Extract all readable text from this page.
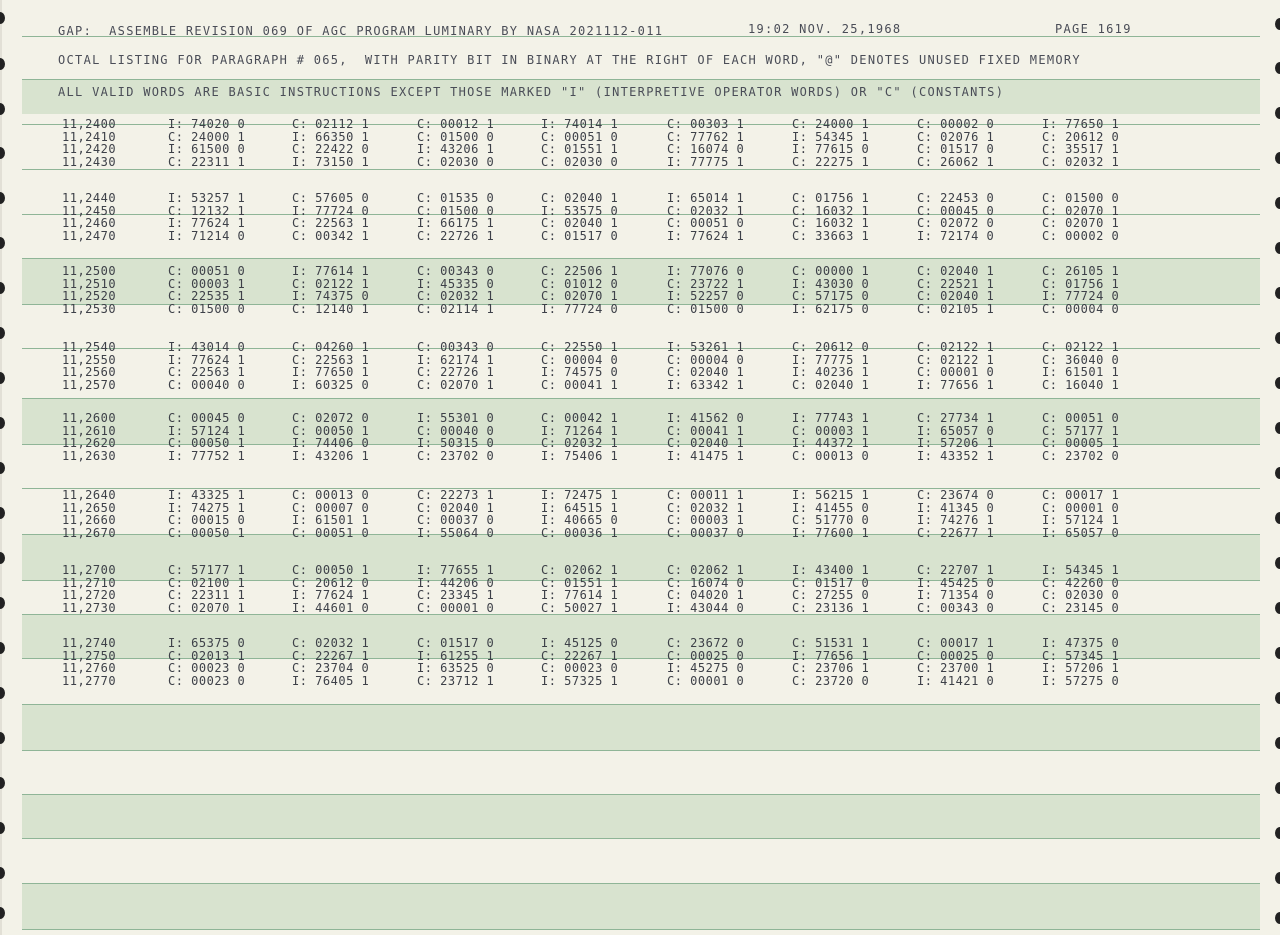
GAP:  ASSEMBLE REVISION 069 OF AGC PROGRAM LUMINARY BY NASA 2021112-011	19:02 NOV. 25,1968	PAGE 1619
OCTAL LISTING FOR PARAGRAPH # 065,  WITH PARITY BIT IN BINARY AT THE RIGHT OF EACH WORD, "@" DENOTES UNUSED FIXED MEMORY
ALL VALID WORDS ARE BASIC INSTRUCTIONS EXCEPT THOSE MARKED "I" (INTERPRETIVE OPERATOR WORDS) OR "C" (CONSTANTS)
11,2400	I: 74020 0	C: 02112 1	C: 00012 1	I: 74014 1	C: 00303 1	C: 24000 1	C: 00002 0	I: 77650 1
11,2410	C: 24000 1	I: 66350 1	C: 01500 0	C: 00051 0	C: 77762 1	I: 54345 1	C: 02076 1	C: 20612 0
11,2420	I: 61500 0	C: 22422 0	I: 43206 1	C: 01551 1	C: 16074 0	I: 77615 0	C: 01517 0	C: 35517 1
11,2430	C: 22311 1	I: 73150 1	C: 02030 0	C: 02030 0	I: 77775 1	C: 22275 1	C: 26062 1	C: 02032 1
11,2440	I: 53257 1	C: 57605 0	C: 01535 0	C: 02040 1	I: 65014 1	C: 01756 1	C: 22453 0	C: 01500 0
11,2450	C: 12132 1	I: 77724 0	C: 01500 0	I: 53575 0	C: 02032 1	C: 16032 1	C: 00045 0	C: 02070 1
11,2460	I: 77624 1	C: 22563 1	I: 66175 1	C: 02040 1	C: 00051 0	C: 16032 1	C: 02072 0	C: 02070 1
11,2470	I: 71214 0	C: 00342 1	C: 22726 1	C: 01517 0	I: 77624 1	C: 33663 1	I: 72174 0	C: 00002 0
11,2500	C: 00051 0	I: 77614 1	C: 00343 0	C: 22506 1	I: 77076 0	C: 00000 1	C: 02040 1	C: 26105 1
11,2510	C: 00003 1	C: 02122 1	I: 45335 0	C: 01012 0	C: 23722 1	I: 43030 0	C: 22521 1	C: 01756 1
11,2520	C: 22535 1	I: 74375 0	C: 02032 1	C: 02070 1	I: 52257 0	C: 57175 0	C: 02040 1	I: 77724 0
11,2530	C: 01500 0	C: 12140 1	C: 02114 1	I: 77724 0	C: 01500 0	I: 62175 0	C: 02105 1	C: 00004 0
11,2540	I: 43014 0	C: 04260 1	C: 00343 0	C: 22550 1	I: 53261 1	C: 20612 0	C: 02122 1	C: 02122 1
11,2550	I: 77624 1	C: 22563 1	I: 62174 1	C: 00004 0	C: 00004 0	I: 77775 1	C: 02122 1	C: 36040 0
11,2560	C: 22563 1	I: 77650 1	C: 22726 1	I: 74575 0	C: 02040 1	I: 40236 1	C: 00001 0	I: 61501 1
11,2570	C: 00040 0	I: 60325 0	C: 02070 1	C: 00041 1	I: 63342 1	C: 02040 1	I: 77656 1	C: 16040 1
11,2600	C: 00045 0	C: 02072 0	I: 55301 0	C: 00042 1	I: 41562 0	I: 77743 1	C: 27734 1	C: 00051 0
11,2610	I: 57124 1	C: 00050 1	C: 00040 0	I: 71264 1	C: 00041 1	C: 00003 1	I: 65057 0	C: 57177 1
11,2620	C: 00050 1	I: 74406 0	I: 50315 0	C: 02032 1	C: 02040 1	I: 44372 1	I: 57206 1	C: 00005 1
11,2630	I: 77752 1	I: 43206 1	C: 23702 0	I: 75406 1	I: 41475 1	C: 00013 0	I: 43352 1	C: 23702 0
11,2640	I: 43325 1	C: 00013 0	C: 22273 1	I: 72475 1	C: 00011 1	I: 56215 1	C: 23674 0	C: 00017 1
11,2650	I: 74275 1	C: 00007 0	C: 02040 1	I: 64515 1	C: 02032 1	I: 41455 0	I: 41345 0	C: 00001 0
11,2660	C: 00015 0	I: 61501 1	C: 00037 0	I: 40665 0	C: 00003 1	C: 51770 0	I: 74276 1	I: 57124 1
11,2670	C: 00050 1	C: 00051 0	I: 55064 0	C: 00036 1	C: 00037 0	I: 77600 1	C: 22677 1	I: 65057 0
11,2700	C: 57177 1	C: 00050 1	I: 77655 1	C: 02062 1	C: 02062 1	I: 43400 1	C: 22707 1	I: 54345 1
11,2710	C: 02100 1	C: 20612 0	I: 44206 0	C: 01551 1	C: 16074 0	C: 01517 0	I: 45425 0	C: 42260 0
11,2720	C: 22311 1	I: 77624 1	C: 23345 1	I: 77614 1	C: 04020 1	C: 27255 0	I: 71354 0	C: 02030 0
11,2730	C: 02070 1	I: 44601 0	C: 00001 0	C: 50027 1	I: 43044 0	C: 23136 1	C: 00343 0	C: 23145 0
11,2740	I: 65375 0	C: 02032 1	C: 01517 0	I: 45125 0	C: 23672 0	C: 51531 1	C: 00017 1	I: 47375 0
11,2750	C: 02013 1	C: 22267 1	I: 61255 1	C: 22267 1	C: 00025 0	I: 77656 1	C: 00025 0	C: 57345 1
11,2760	C: 00023 0	C: 23704 0	I: 63525 0	C: 00023 0	I: 45275 0	C: 23706 1	C: 23700 1	I: 57206 1
11,2770	C: 00023 0	I: 76405 1	C: 23712 1	I: 57325 1	C: 00001 0	C: 23720 0	I: 41421 0	I: 57275 0
